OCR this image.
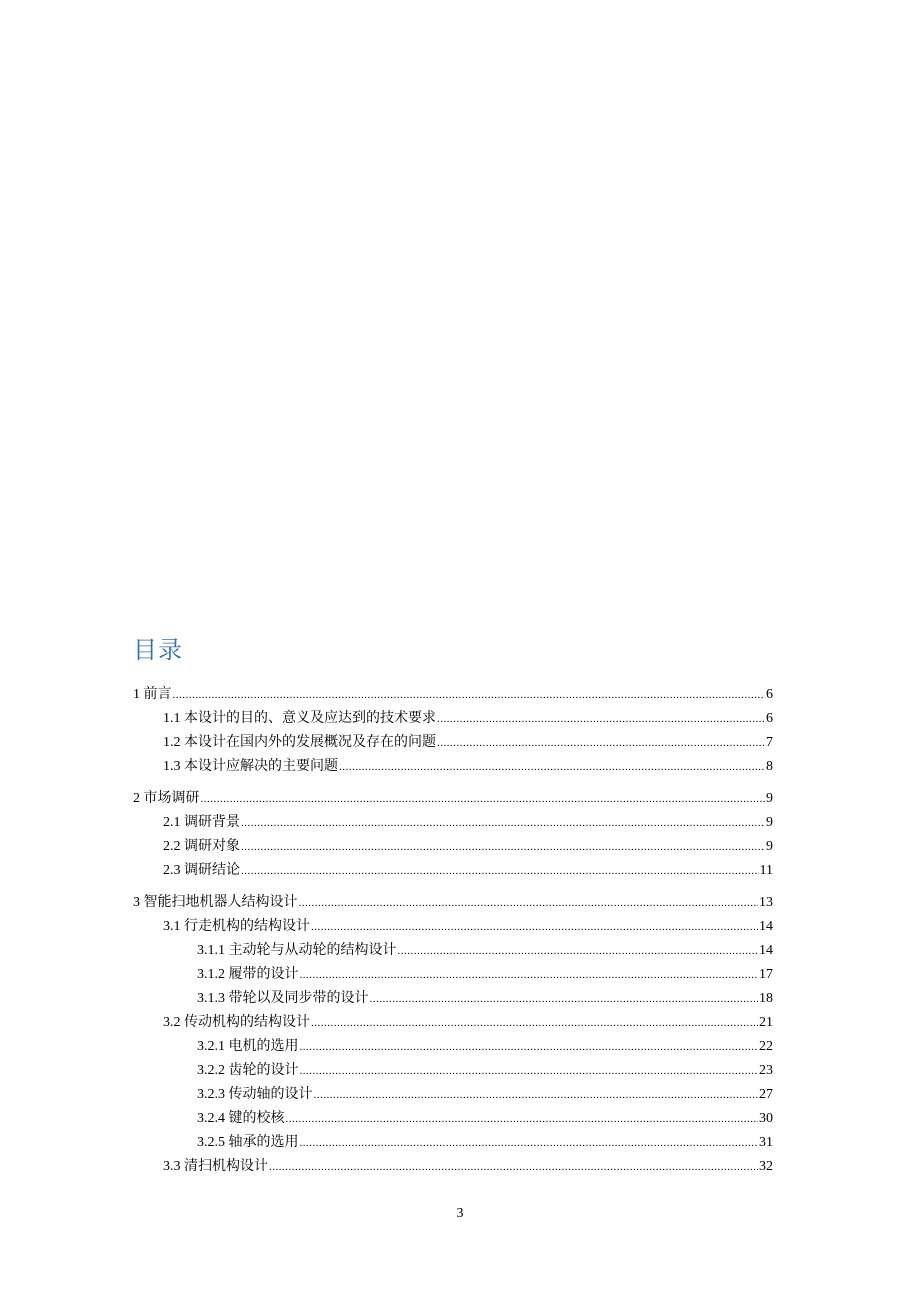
目录
1 前言 .....	6
1.1 本设计的目的、意义及应达到的技术要求 .....	6
1.2 本设计在国内外的发展概况及存在的问题 .....	7
1.3 本设计应解决的主要问题 .....	8
2 市场调研 .....	9
2.1 调研背景 .....	9
2.2 调研对象 .....	9
2.3 调研结论 .....	11
3 智能扫地机器人结构设计 .....	13
3.1 行走机构的结构设计 .....	14
3.1.1 主动轮与从动轮的结构设计 .....	14
3.1.2 履带的设计 .....	17
3.1.3 带轮以及同步带的设计 .....	18
3.2 传动机构的结构设计 .....	21
3.2.1 电机的选用 .....	22
3.2.2 齿轮的设计 .....	23
3.2.3 传动轴的设计 .....	27
3.2.4 键的校核 .....	30
3.2.5 轴承的选用 .....	31
3.3 清扫机构设计 .....	32
3
